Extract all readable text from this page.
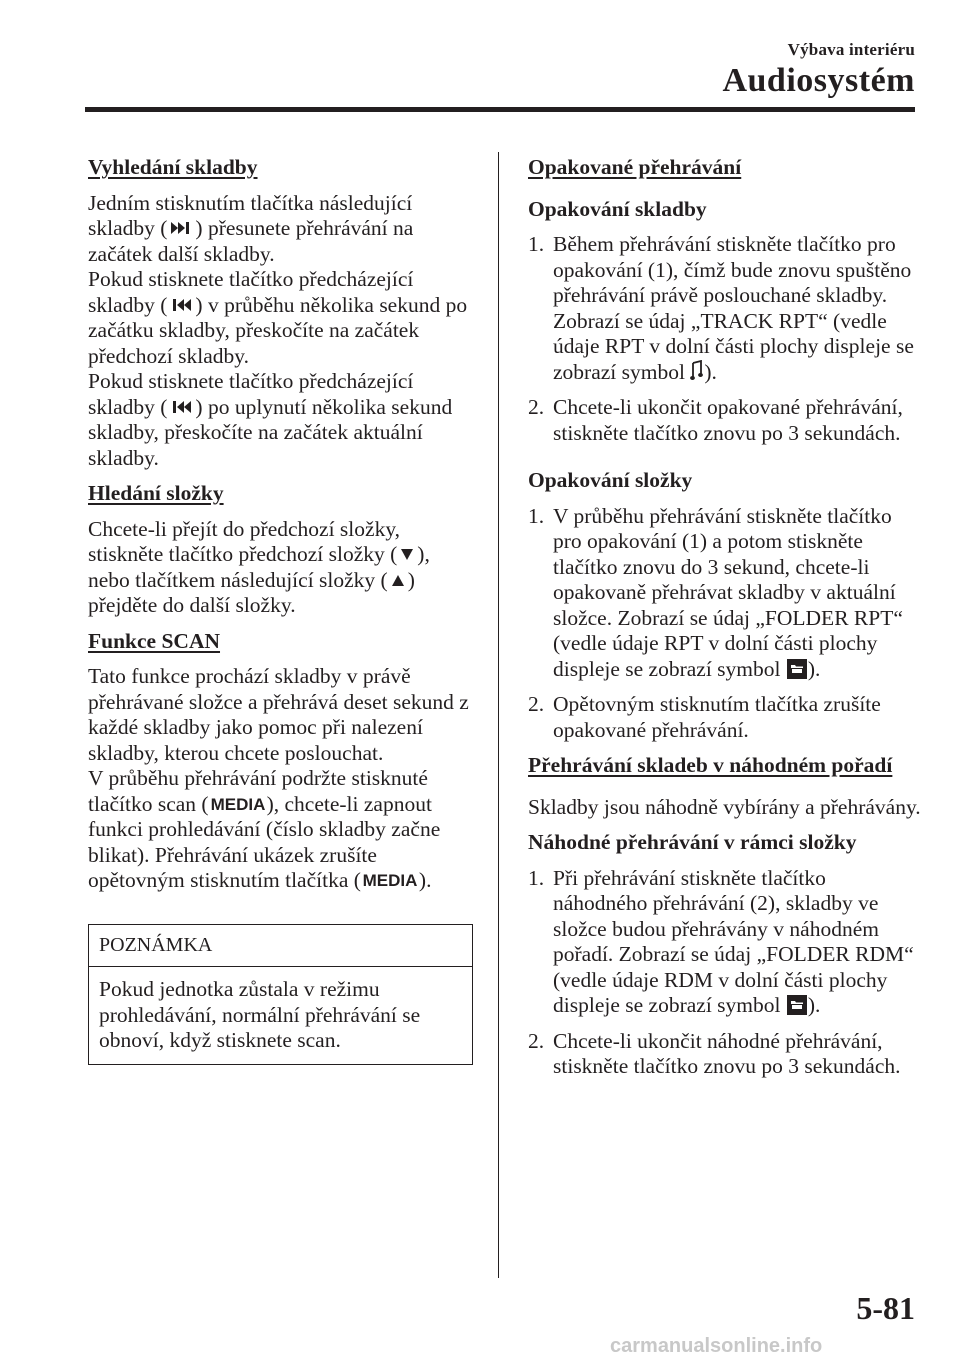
Výbava interiéru
Audiosystém
Vyhledání skladby

Jedním stisknutím tlačítka následující skladby ( ) přesunete přehrávání na začátek další skladby.

Pokud stisknete tlačítko předcházející skladby ( ) v průběhu několika sekund po začátku skladby, přeskočíte na začátek předchozí skladby.

Pokud stisknete tlačítko předcházející skladby ( ) po uplynutí několika sekund skladby, přeskočíte na začátek aktuální skladby.

Hledání složky

Chcete-li přejít do předchozí složky, stiskněte tlačítko předchozí složky ( ), nebo tlačítkem následující složky ( ) přejděte do další složky.

Funkce SCAN

Tato funkce prochází skladby v právě přehrávané složce a přehrává deset sekund z každé skladby jako pomoc při nalezení skladby, kterou chcete poslouchat.

V průběhu přehrávání podržte stisknuté tlačítko scan ( MEDIA ), chcete-li zapnout funkci prohledávání (číslo skladby začne blikat). Přehrávání ukázek zrušíte opětovným stisknutím tlačítka ( MEDIA ).

POZNÁMKA
Pokud jednotka zůstala v režimu prohledávání, normální přehrávání se obnoví, když stisknete scan.
Opakované přehrávání
Opakování skladby
1. Během přehrávání stiskněte tlačítko pro opakování (1), čímž bude znovu spuštěno přehrávání právě poslouchané skladby. Zobrazí se údaj „TRACK RPT“ (vedle údaje RPT v dolní části plochy displeje se zobrazí symbol
).
2. Chcete-li ukončit opakované přehrávání, stiskněte tlačítko znovu po 3 sekundách.
Opakování složky
1. V průběhu přehrávání stiskněte tlačítko pro opakování (1) a potom stiskněte tlačítko znovu do 3 sekund, chcete-li opakovaně přehrávat skladby v aktuální složce. Zobrazí se údaj „FOLDER RPT“ (vedle údaje RPT v dolní části plochy displeje se zobrazí symbol
).
2. Opětovným stisknutím tlačítka zrušíte opakované přehrávání.
Přehrávání skladeb v náhodném pořadí

Skladby jsou náhodně vybírány a přehrávány.

Náhodné přehrávání v rámci složky
1. Při přehrávání stiskněte tlačítko náhodného přehrávání (2), skladby ve složce budou přehrávány v náhodném pořadí. Zobrazí se údaj „FOLDER RDM“ (vedle údaje RDM v dolní části plochy displeje se zobrazí symbol
).
2. Chcete-li ukončit náhodné přehrávání, stiskněte tlačítko znovu po 3 sekundách.
5-81
carmanualsonline.info
